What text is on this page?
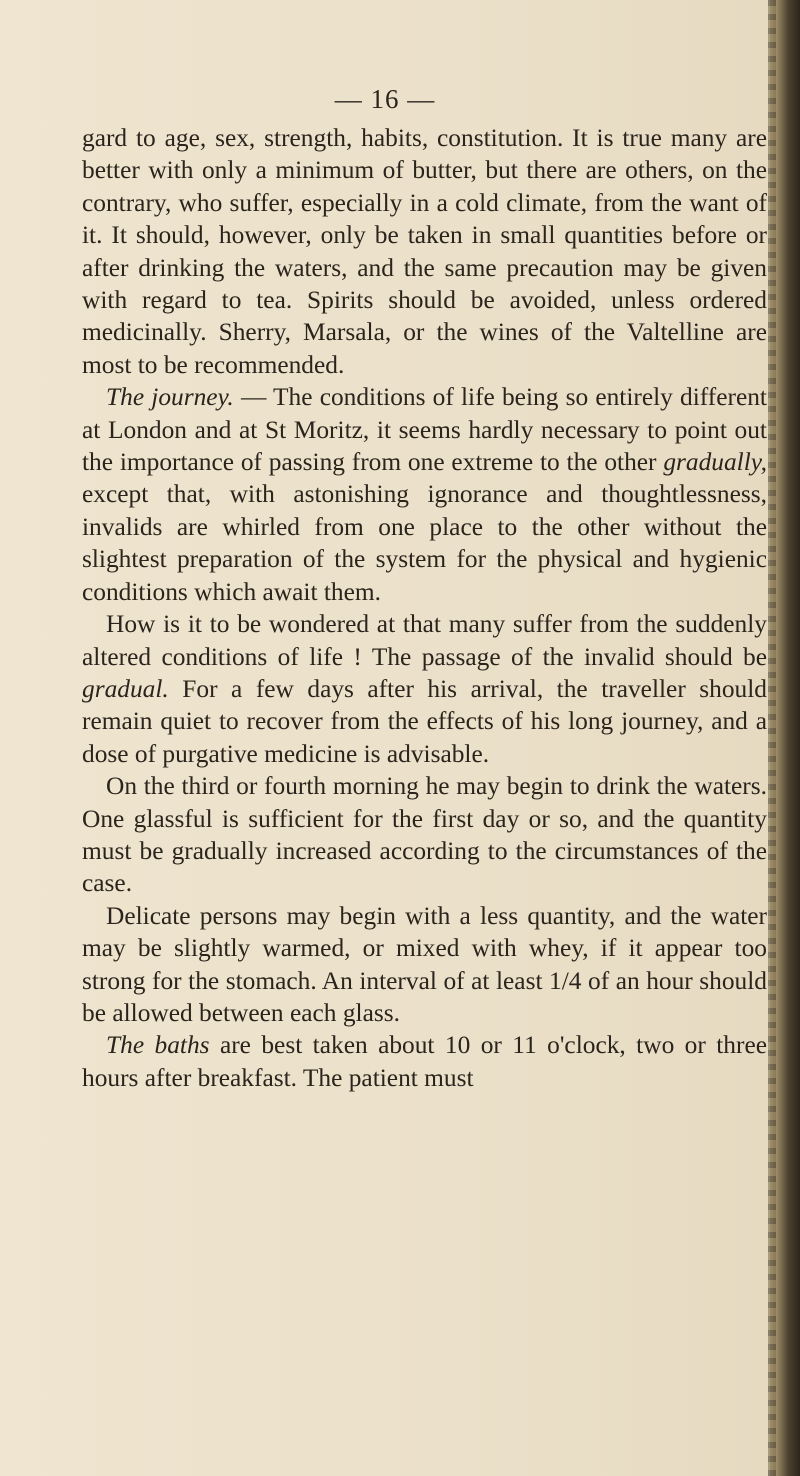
— 16 —

gard to age, sex, strength, habits, constitution. It is true many are better with only a minimum of butter, but there are others, on the contrary, who suffer, especially in a cold climate, from the want of it. It should, however, only be taken in small quantities before or after drinking the waters, and the same precaution may be given with regard to tea. Spirits should be avoided, unless ordered medicinally. Sherry, Marsala, or the wines of the Valtelline are most to be recommended.

The journey. — The conditions of life being so entirely different at London and at St Moritz, it seems hardly necessary to point out the importance of passing from one extreme to the other gradually, except that, with astonishing ignorance and thoughtlessness, invalids are whirled from one place to the other without the slightest preparation of the system for the physical and hygienic conditions which await them.

How is it to be wondered at that many suffer from the suddenly altered conditions of life ! The passage of the invalid should be gradual. For a few days after his arrival, the traveller should remain quiet to recover from the effects of his long journey, and a dose of purgative medicine is advisable.

On the third or fourth morning he may begin to drink the waters. One glassful is sufficient for the first day or so, and the quantity must be gradually increased according to the circumstances of the case.

Delicate persons may begin with a less quantity, and the water may be slightly warmed, or mixed with whey, if it appear too strong for the stomach. An interval of at least 1/4 of an hour should be allowed between each glass.

The baths are best taken about 10 or 11 o'clock, two or three hours after breakfast. The patient must
